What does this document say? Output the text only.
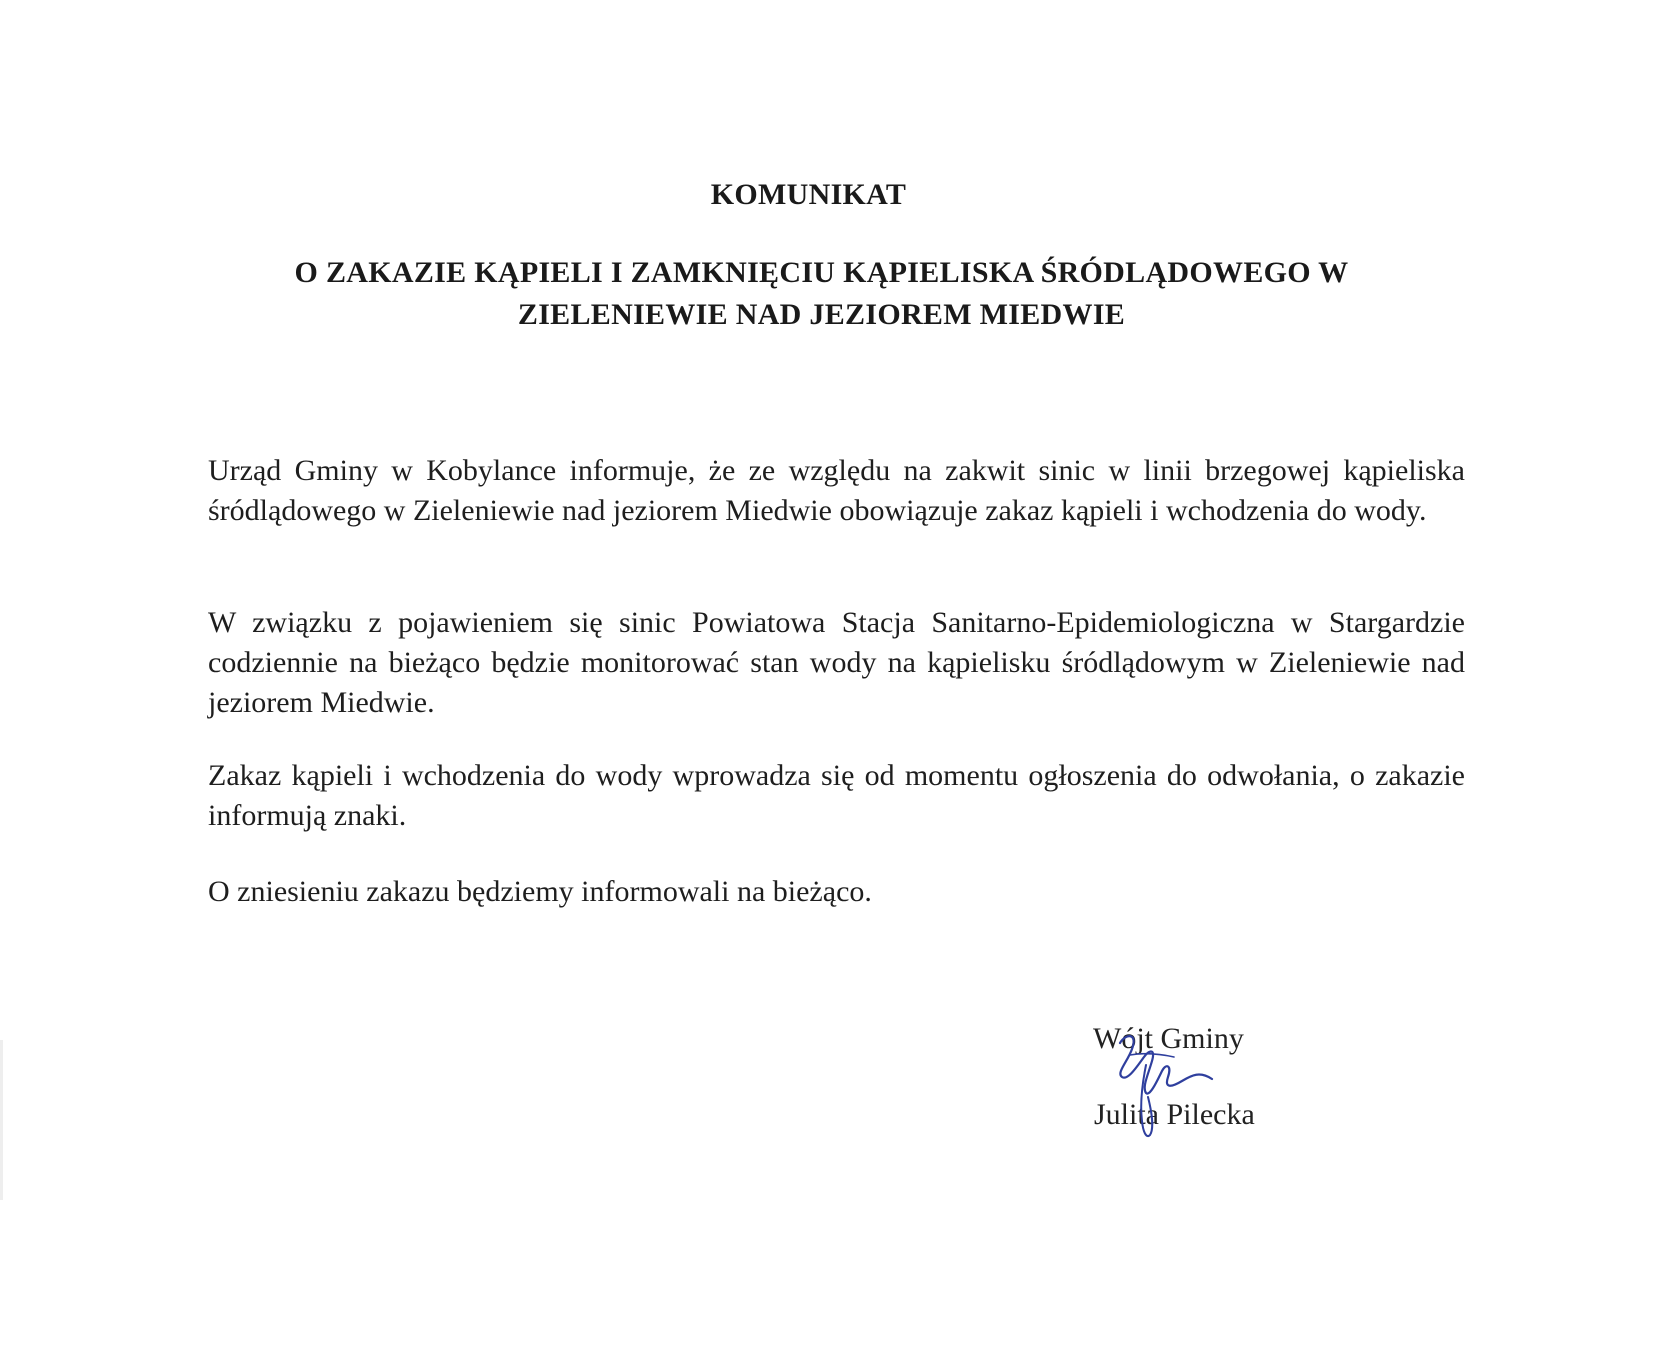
KOMUNIKAT
O ZAKAZIE KĄPIELI I ZAMKNIĘCIU KĄPIELISKA ŚRÓDLĄDOWEGO W
ZIELENIEWIE NAD JEZIOREM MIEDWIE

Urząd Gminy w Kobylance informuje, że ze względu na zakwit sinic w linii brzegowej kąpieliska śródlądowego w Zieleniewie nad jeziorem Miedwie obowiązuje zakaz kąpieli i wchodzenia do wody.

W związku z pojawieniem się sinic Powiatowa Stacja Sanitarno-Epidemiologiczna w Stargardzie codziennie na bieżąco będzie monitorować stan wody na kąpielisku śródlądowym w Zieleniewie nad jeziorem Miedwie.

Zakaz kąpieli i wchodzenia do wody wprowadza się od momentu ogłoszenia do odwołania, o zakazie informują znaki.

O zniesieniu zakazu będziemy informowali na bieżąco.

Wójt Gminy

Julita Pilecka
